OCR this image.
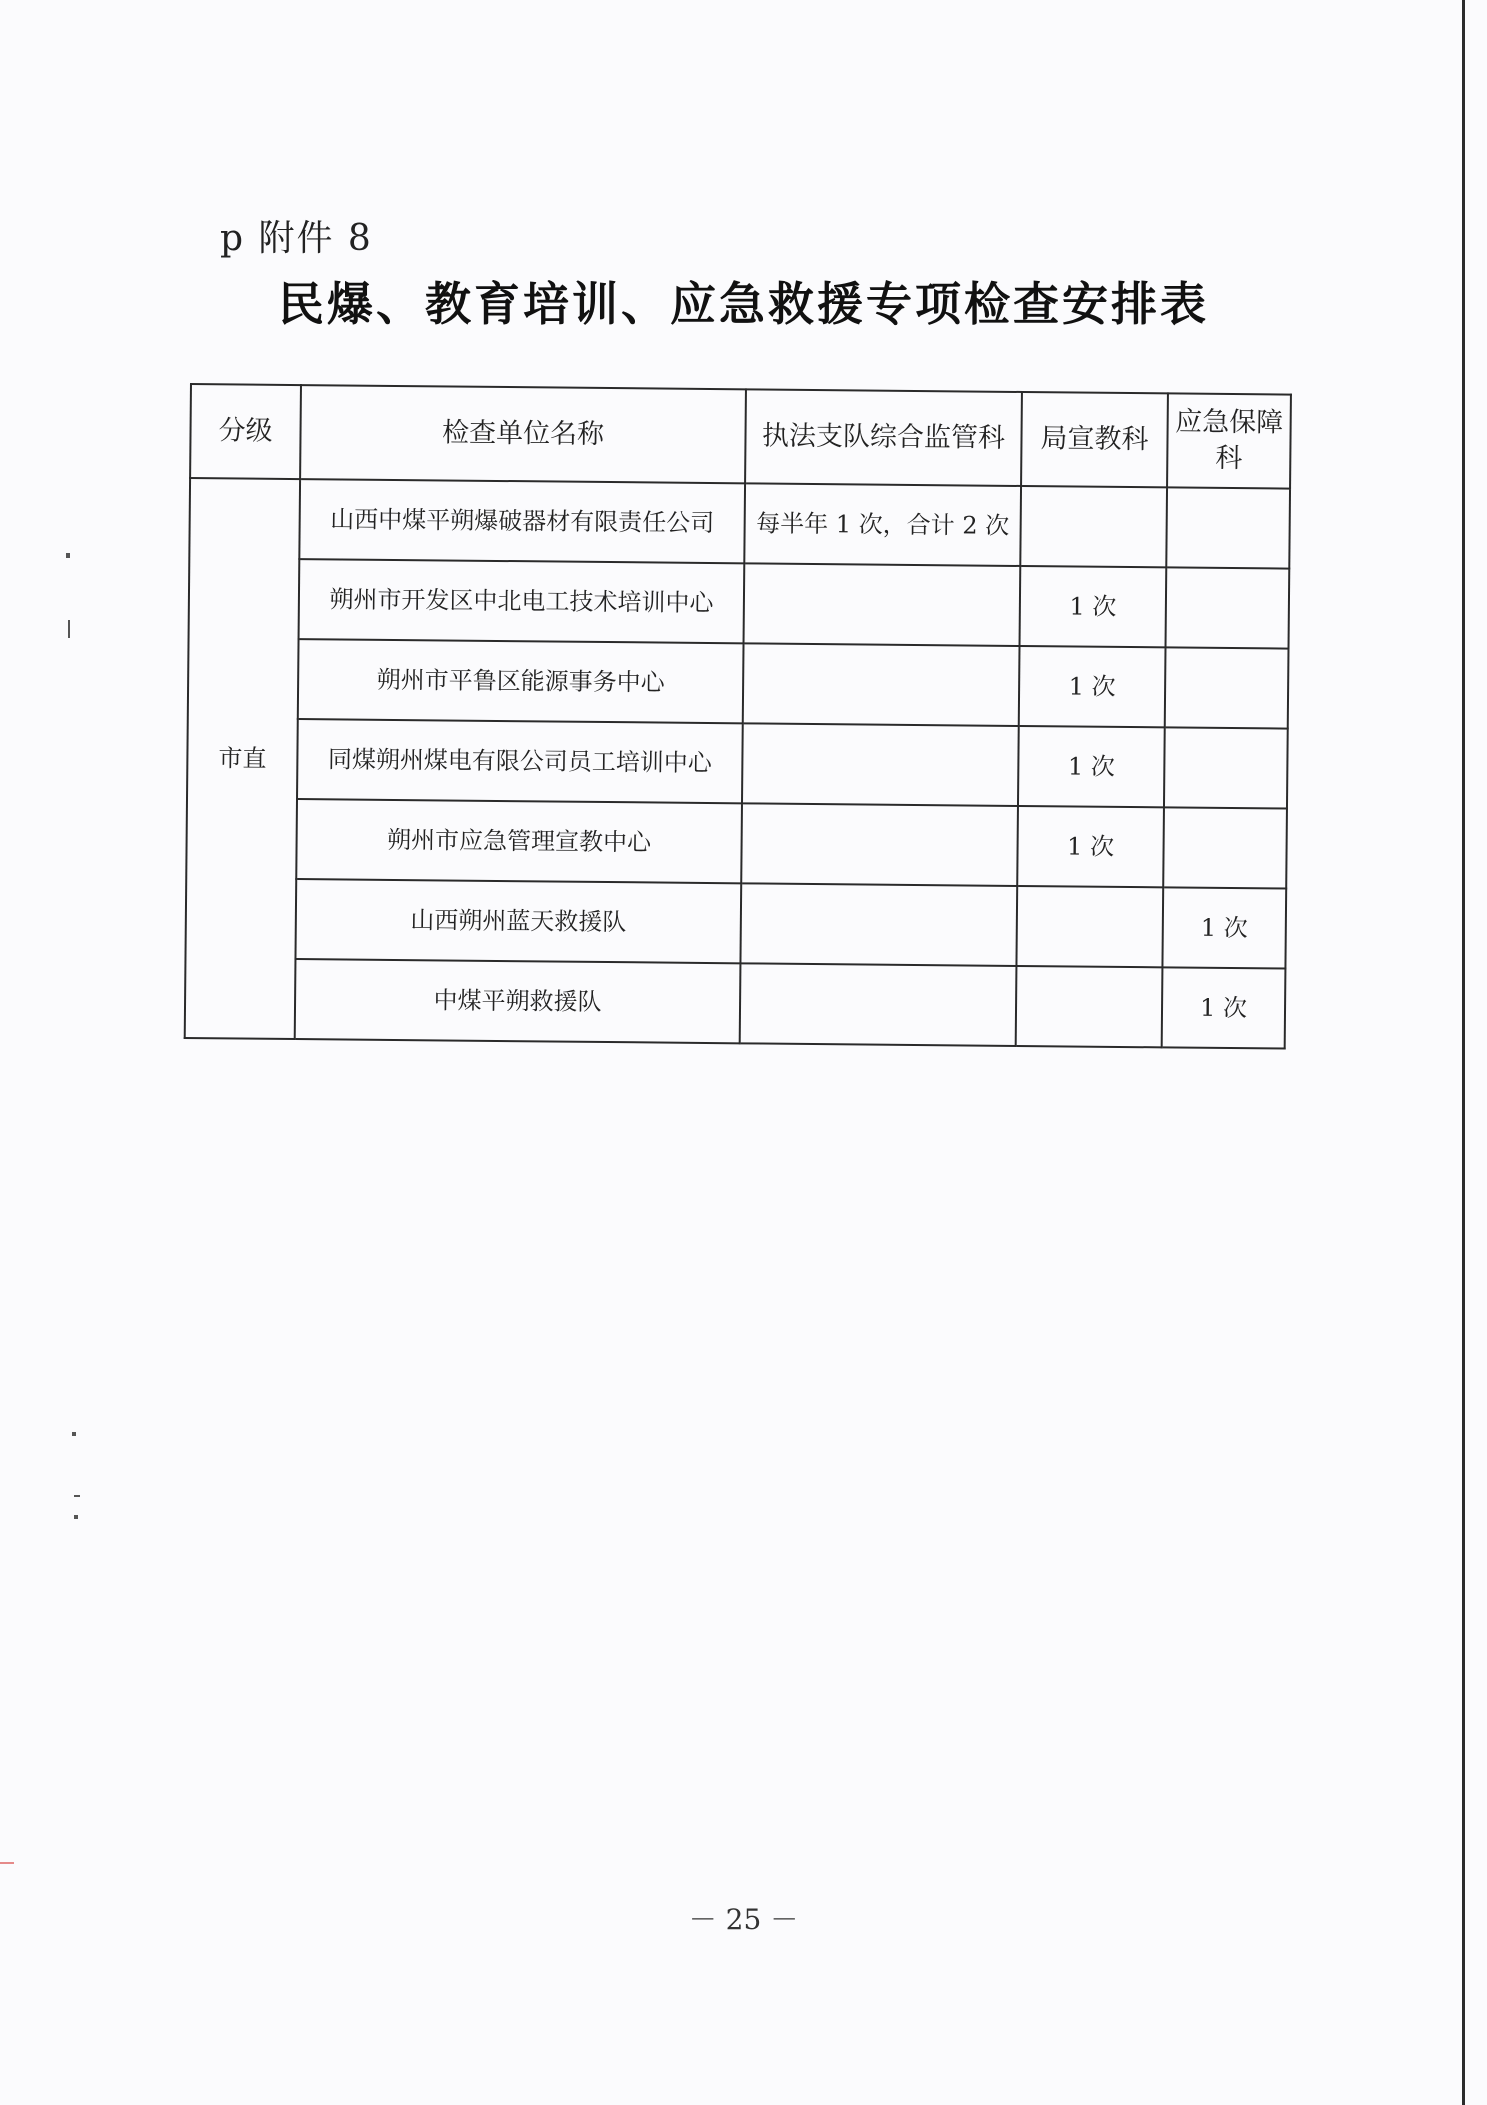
p 附件 8
民爆、教育培训、应急救援专项检查安排表
分级	检查单位名称	执法支队综合监管科	局宣教科	应急保障科
市直	山西中煤平朔爆破器材有限责任公司	每半年 1 次，合计 2 次		
	朔州市开发区中北电工技术培训中心		1 次	
	朔州市平鲁区能源事务中心		1 次	
	同煤朔州煤电有限公司员工培训中心		1 次	
	朔州市应急管理宣教中心		1 次	
	山西朔州蓝天救援队			1 次
	中煤平朔救援队			1 次
－ 25 －
